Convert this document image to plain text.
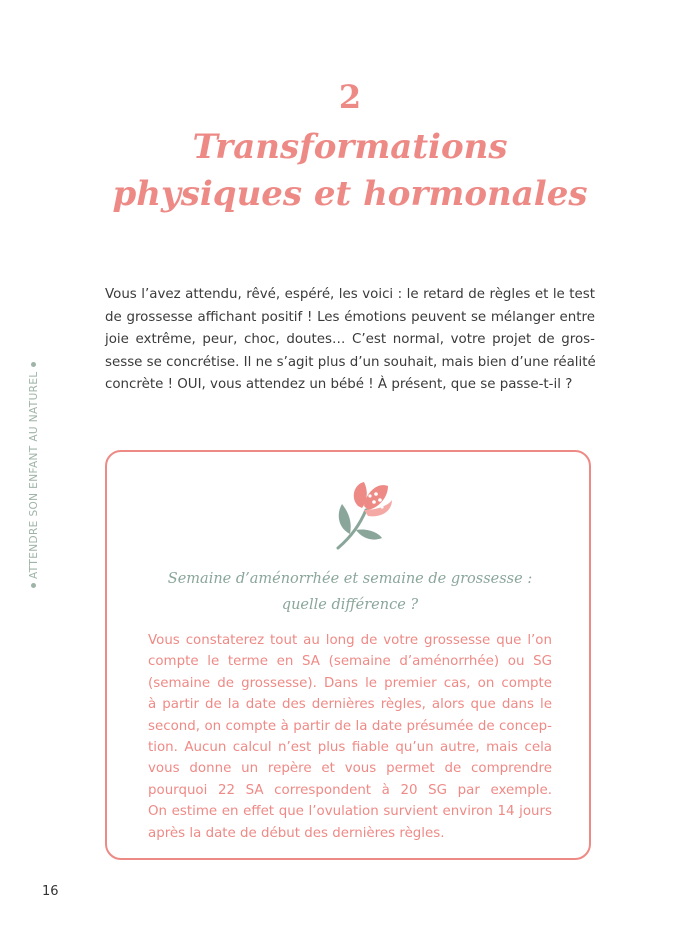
2
Transformations
physiques et hormonales
Vous l’avez attendu, rêvé, espéré, les voici : le retard de règles et le test
de grossesse affichant positif ! Les émotions peuvent se mélanger entre
joie extrême, peur, choc, doutes… C’est normal, votre projet de gros-
sesse se concrétise. Il ne s’agit plus d’un souhait, mais bien d’une réalité
concrète ! OUI, vous attendez un bébé ! À présent, que se passe-t-il ?
ATTENDRE SON ENFANT AU NATUREL
Semaine d’aménorrhée et semaine de grossesse :
quelle différence ?
Vous constaterez tout au long de votre grossesse que l’on
compte le terme en SA (semaine d’aménorrhée) ou SG
(semaine de grossesse). Dans le premier cas, on compte
à partir de la date des dernières règles, alors que dans le
second, on compte à partir de la date présumée de concep-
tion. Aucun calcul n’est plus fiable qu’un autre, mais cela
vous donne un repère et vous permet de comprendre
pourquoi 22 SA correspondent à 20 SG par exemple.
On estime en effet que l’ovulation survient environ 14 jours
après la date de début des dernières règles.
16
